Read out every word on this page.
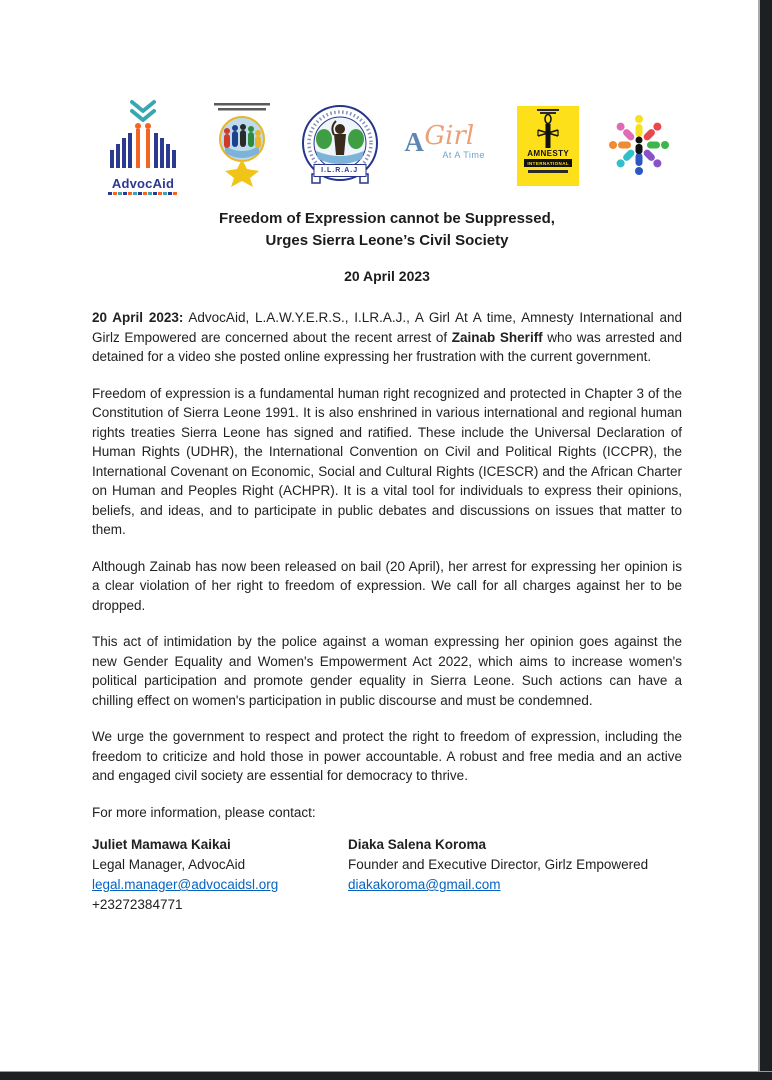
AdvocAid
I.L.R.A.J
A Girl
At A Time	AMNESTY
INTERNATIONAL
Freedom of Expression cannot be Suppressed,
Urges Sierra Leone’s Civil Society
20 April 2023

20 April 2023: AdvocAid, L.A.W.Y.E.R.S., I.LR.A.J., A Girl At A time, Amnesty International and Girlz Empowered are concerned about the recent arrest of Zainab Sheriff who was arrested and detained for a video she posted online expressing her frustration with the current government.

Freedom of expression is a fundamental human right recognized and protected in Chapter 3 of the Constitution of Sierra Leone 1991. It is also enshrined in various international and regional human rights treaties Sierra Leone has signed and ratified. These include the Universal Declaration of Human Rights (UDHR), the International Convention on Civil and Political Rights (ICCPR), the International Covenant on Economic, Social and Cultural Rights (ICESCR) and the African Charter on Human and Peoples Right (ACHPR). It is a vital tool for individuals to express their opinions, beliefs, and ideas, and to participate in public debates and discussions on issues that matter to them.

Although Zainab has now been released on bail (20 April), her arrest for expressing her opinion is a clear violation of her right to freedom of expression. We call for all charges against her to be dropped.

This act of intimidation by the police against a woman expressing her opinion goes against the new Gender Equality and Women's Empowerment Act 2022, which aims to increase women's political participation and promote gender equality in Sierra Leone. Such actions can have a chilling effect on women's participation in public discourse and must be condemned.

We urge the government to respect and protect the right to freedom of expression, including the freedom to criticize and hold those in power accountable. A robust and free media and an active and engaged civil society are essential for democracy to thrive.

For more information, please contact:

Juliet Mamawa Kaikai
Legal Manager, AdvocAid
legal.manager@advocaidsl.org
+23272384771
Diaka Salena Koroma
Founder and Executive Director, Girlz Empowered
diakakoroma@gmail.com
